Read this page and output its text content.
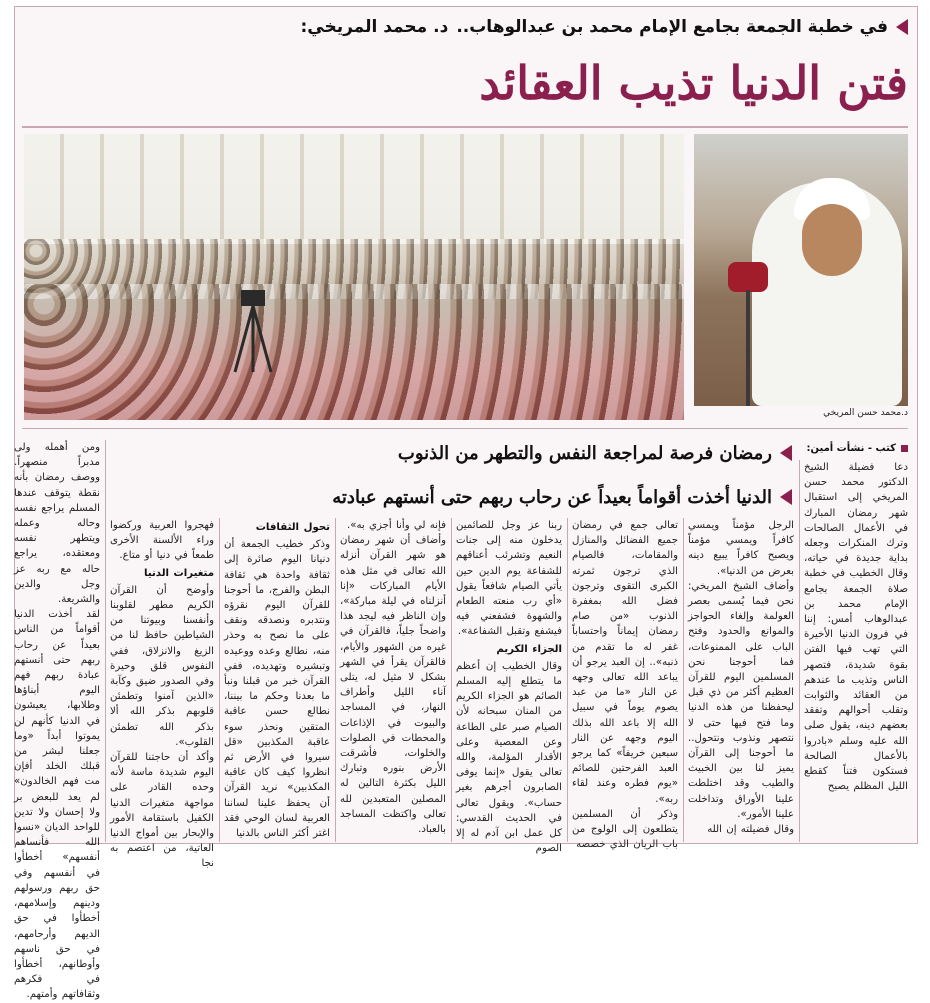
في خطبة الجمعة بجامع الإمام محمد بن عبدالوهاب..
د. محمد المريخي:
فتن الدنيا تذيب العقائد
د.محمد حسن المريخي
كتب - نشأت أمين:
رمضان فرصة لمراجعة النفس والتطهر من الذنوب
الدنيا أخذت أقواماً بعيداً عن رحاب ربهم حتى أنستهم عبادته
دعا فضيلة الشيخ الدكتور محمد حسن المريخي إلى استقبال شهر رمضان المبارك في الأعمال الصالحات وترك المنكرات وجعله بداية جديدة في حياته، وقال الخطيب في خطبة صلاة الجمعة بجامع الإمام محمد بن عبدالوهاب أمس: إننا في فرون الدنيا الأخيرة التي تهب فيها الفتن بقوة شديدة، فتصهر الناس وتذيب ما عندهم من العقائد والثوابت وتقلب أحوالهم وتفقد بعضهم دينه، يقول صلى الله عليه وسلم «بادروا بالأعمال الصالحة فستكون فتناً كقطع الليل المظلم يصبح
الرجل مؤمناً ويمسي كافراً ويمسي مؤمناً ويصبح كافراً يبيع دينه بعرض من الدنيا».
وأضاف الشيخ المريخي: نحن فيما يُسمى بعصر العولمة وإلغاء الحواجز والموانع والحدود وفتح الباب على الممنوعات، فما أحوجنا نحن المسلمين اليوم للقرآن العظيم أكثر من ذي قبل ليحفظنا من هذه الدنيا وما فتح فيها حتى لا نتصهر ونذوب ونتحول.. ما أحوجنا إلى القرآن يميز لنا بين الخبيث والطيب وقد اختلطت علينا الأوراق وتداخلت علينا الأمور».
وقال فضيلته إن الله
تعالى جمع في رمضان جميع الفضائل والمنازل والمقامات، فالصيام الذي ترجون ثمرته الكبرى التقوى وترجون فضل الله بمغفرة الذنوب «من صام رمضان إيماناً واحتساباً غفر له ما تقدم من ذنبه».. إن العبد يرجو أن يباعد الله تعالى وجهه عن النار «ما من عبد يصوم يوماً في سبيل الله إلا باعد الله بذلك اليوم وجهه عن النار سبعين خريفاً» كما يرجو العبد الفرحتين للصائم «يوم فطره وعند لقاء ربه».
وذكر أن المسلمين يتطلعون إلى الولوج من باب الريان الذي خصصه
ربنا عز وجل للصائمين يدخلون منه إلى جنات النعيم وتشرئب أعناقهم للشفاعة يوم الدين حين يأتي الصيام شافعاً يقول «أي رب منعته الطعام والشهوة فشفعني فيه فيشفع وتقبل الشفاعة».
الجزاء الكريم
وقال الخطيب إن أعظم ما يتطلع إليه المسلم الصائم هو الجزاء الكريم من المنان سبحانه لأن الصيام صبر على الطاعة وعن المعصية وعلى الأقدار المؤلمة، والله تعالى يقول «إنما يوفى الصابرون أجرهم بغير حساب». ويقول تعالى في الحديث القدسي: كل عمل ابن آدم له إلا الصوم
فإنه لي وأنا أجزي به».
وأضاف أن شهر رمضان هو شهر القرآن أنزله الله تعالى في مثل هذه الأيام المباركات «إنا أنزلناه في ليلة مباركة»، وإن الناظر فيه ليجد هذا واضحاً جلياً، فالقرآن في غيره من الشهور والأيام، فالقرآن يقرأ في الشهر بشكل لا مثيل له، يتلى آناء الليل وأطراف النهار، في المساجد والبيوت في الإذاعات والمحطات في الصلوات والخلوات، فأشرقت الأرض بنوره وتبارك الليل بكثرة التالين له المصلين المتعبدين لله تعالى واكتظت المساجد بالعباد.
تحول الثقافات
وذكر خطيب الجمعة أن دنيانا اليوم صائرة إلى ثقافة واحدة هي ثقافة البطن والفرج، ما أحوجنا للقرآن اليوم نقرؤه ونتدبره ونصدقه ونقف على ما نصح به وحذر منه، نطالع وعده ووعيده وتبشيره وتهديده، ففي القرآن خبر من قبلنا ونبأ ما بعدنا وحكم ما بيننا، نطالع حسن عاقبة المتقين ونحذر سوء عاقبة المكذبين «قل سيروا في الأرض ثم انظروا كيف كان عاقبة المكذبين» نريد القرآن أن يحفظ علينا لساننا العربية لسان الوحي فقد اغتر أكثر الناس بالدنيا
فهجروا العربية وركضوا وراء الألسنة الأخرى طمعاً في دنيا أو متاع.
متغيرات الدنيا
وأوضح أن القرآن الكريم مطهر لقلوبنا وأنفسنا وبيوتنا من الشياطين حافظ لنا من الزيغ والانزلاق، ففي النفوس قلق وحيرة وفي الصدور ضيق وكآبة «الذين آمنوا وتطمئن قلوبهم بذكر الله ألا بذكر الله تطمئن القلوب».
وأكد أن حاجتنا للقرآن اليوم شديدة ماسة لأنه وحده القادر على مواجهة متغيرات الدنيا الكفيل باستقامة الأمور والإبحار بين أمواج الدنيا العاتية، من اعتصم به نجا
ومن أهمله ولى مدبراً منصهراً. ووصف رمضان بأنه نقطة يتوقف عندها المسلم يراجع نفسه وحاله وعمله ويتطهر نفسه ومعتقده، يراجع حاله مع ربه عز وجل والدين والشريعة.
لقد أخذت الدنيا أقواماً من الناس بعيداً عن رحاب ربهم حتى أنستهم عبادة ربهم فهم اليوم أبناؤها وطلابها، يعيشون في الدنيا كأنهم لن يموتوا أبداً «وما جعلنا لبشر من قبلك الخلد أفإن مت فهم الخالدون» لم يعد للبعض بر ولا إحسان ولا تدين للواحد الديان «نسوا الله فأنساهم أنفسهم» أخطأوا في أنفسهم وفي حق ربهم ورسولهم ودينهم وإسلامهم، أخطأوا في حق الديهم وأرحامهم، في حق ناسهم وأوطانهم، أخطأوا في فكرهم وثقافاتهم وأمتهم.
